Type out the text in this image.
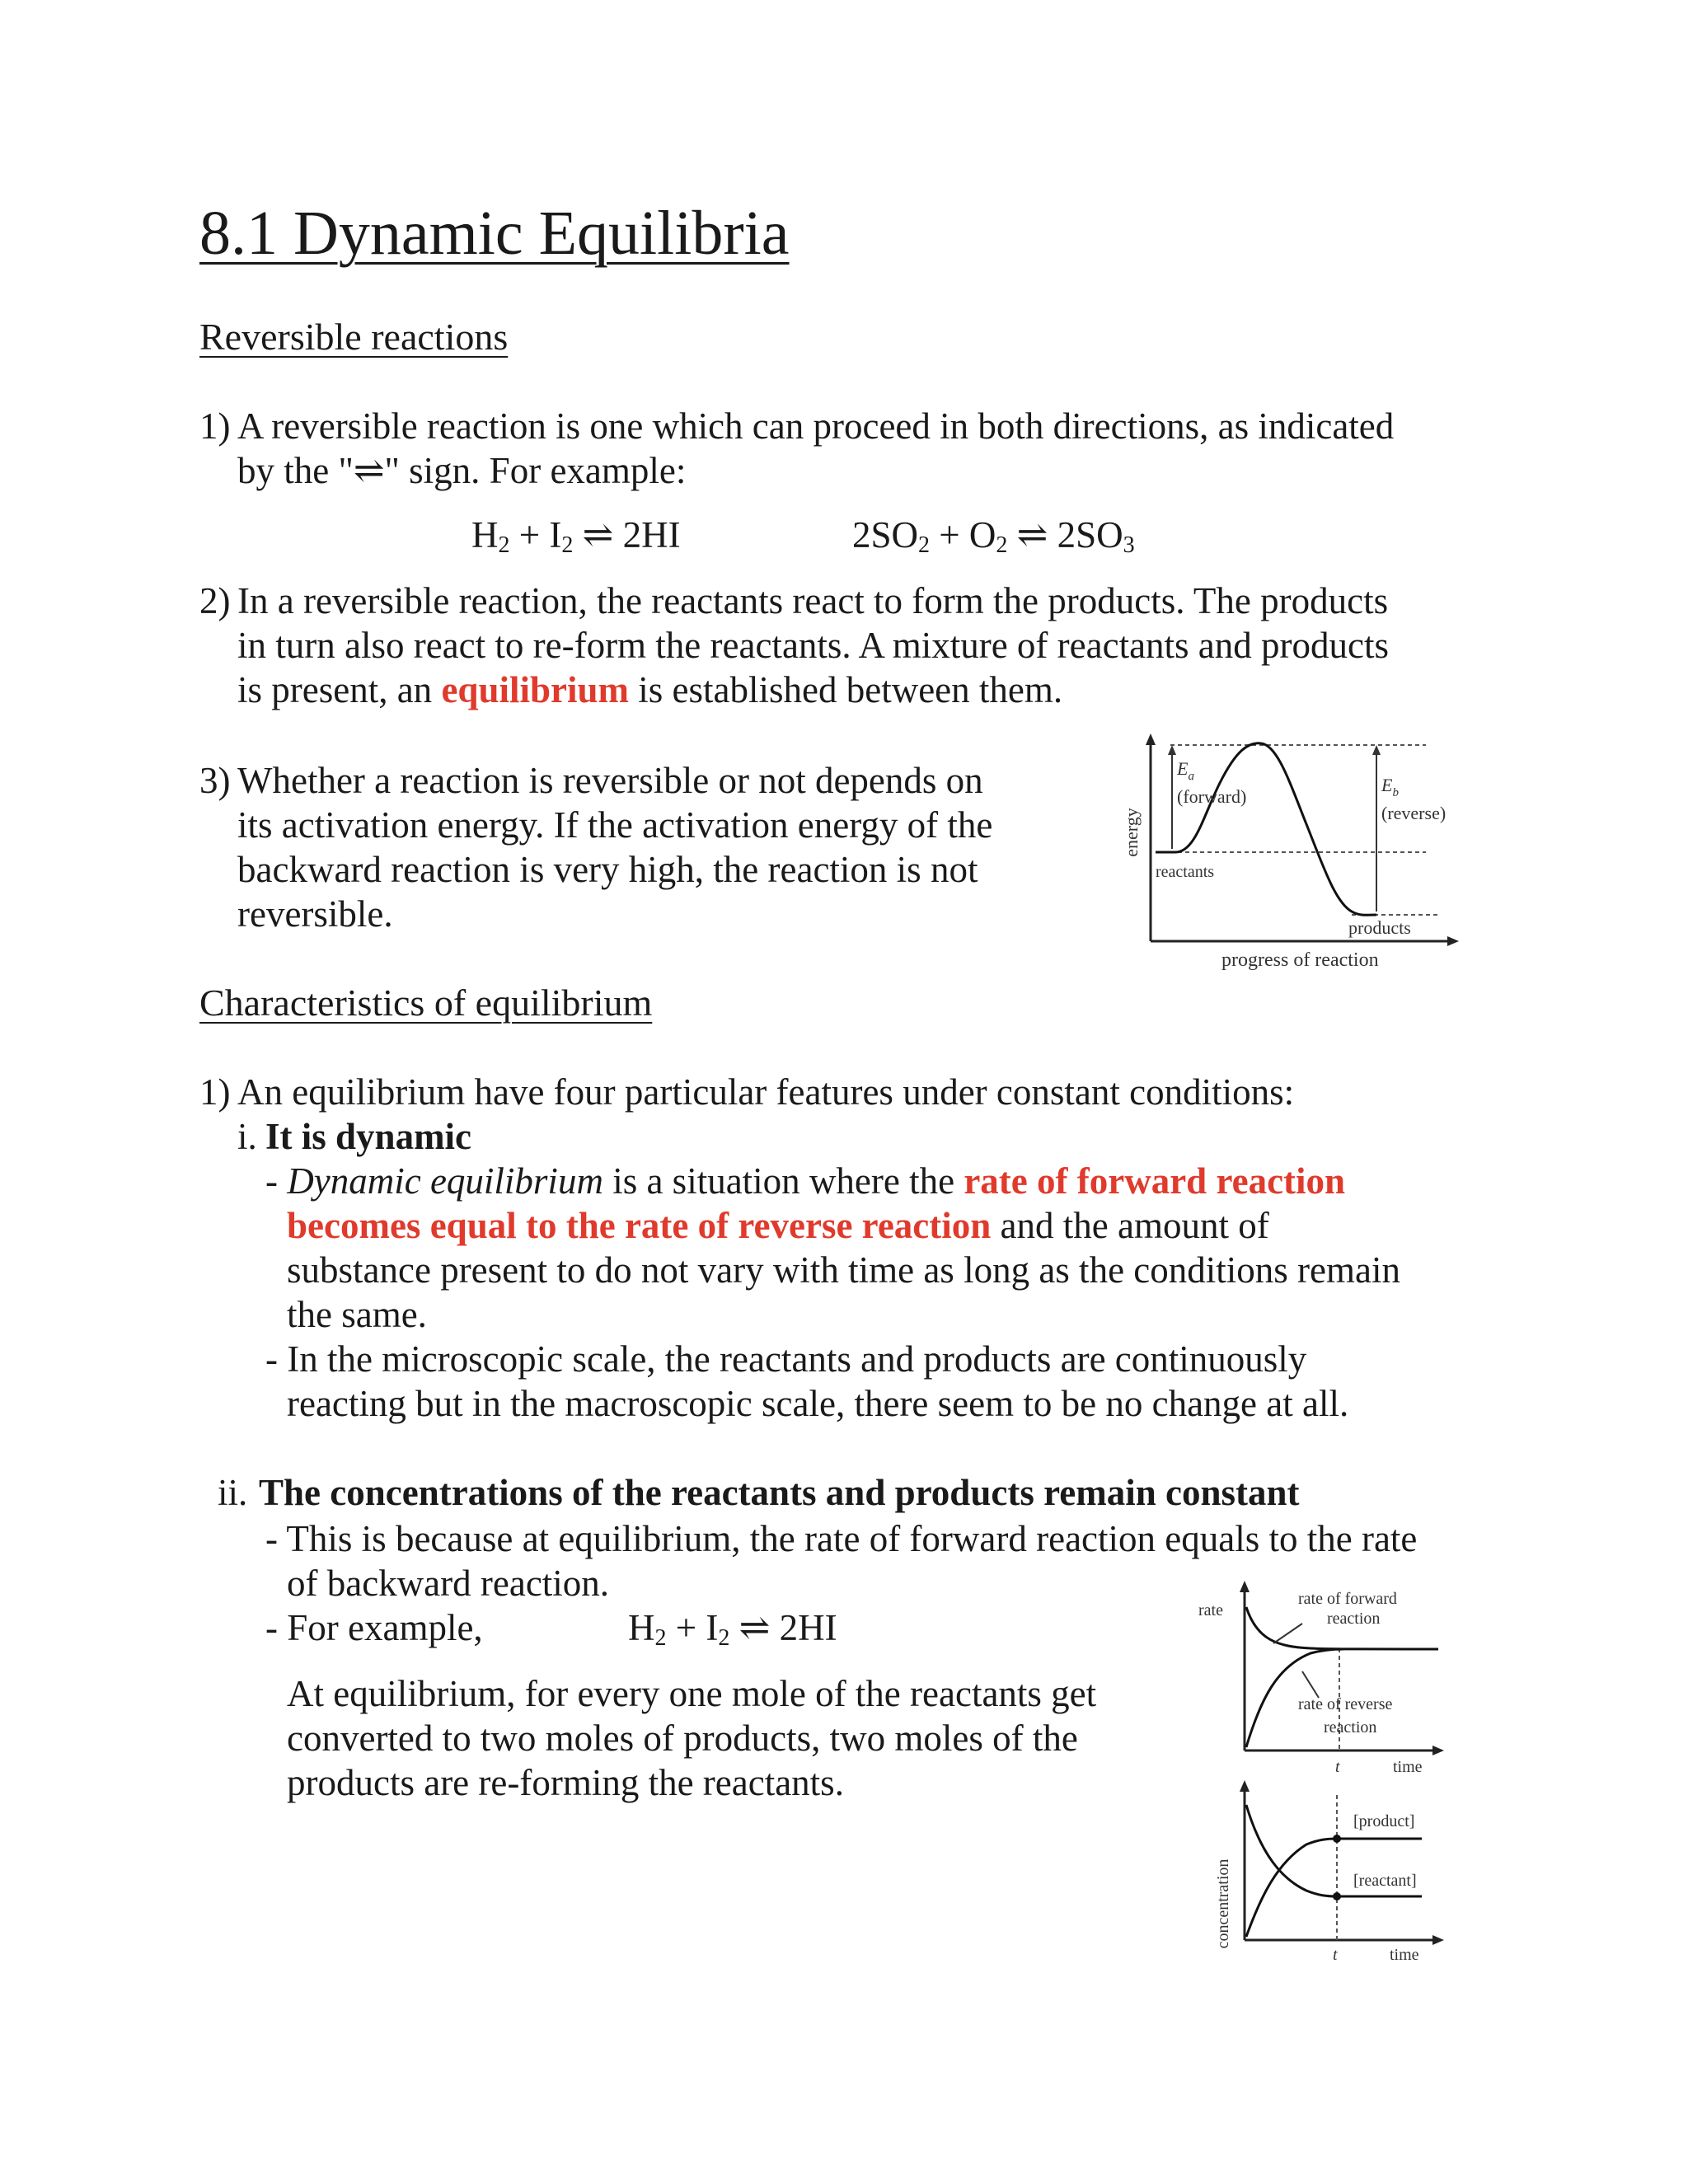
8.1 Dynamic Equilibria
Reversible reactions
1) A reversible reaction is one which can proceed in both directions, as indicated
by the "⇌" sign. For example:
$H_2 + I_2$ ⇌ 2HI	$2SO_2 + O_2$ ⇌ $2SO_3$
2) In a reversible reaction, the reactants react to form the products. The products
in turn also react to re-form the reactants. A mixture of reactants and products
is present, an equilibrium is established between them.
3) Whether a reaction is reversible or not depends on
its activation energy. If the activation energy of the
backward reaction is very high, the reaction is not
reversible.
energy
$E_a$
(forward)
$E_b$
(reverse)
reactants
products
progress of reaction
Characteristics of equilibrium
1) An equilibrium have four particular features under constant conditions:
i. It is dynamic
- Dynamic equilibrium is a situation where the rate of forward reaction
becomes equal to the rate of reverse reaction and the amount of
substance present to do not vary with time as long as the conditions remain
the same.
- In the microscopic scale, the reactants and products are continuously
reacting but in the macroscopic scale, there seem to be no change at all.
ii. The concentrations of the reactants and products remain constant
- This is because at equilibrium, the rate of forward reaction equals to the rate
of backward reaction.
- For example,	$H_2 + I_2$ ⇌ 2HI
At equilibrium, for every one mole of the reactants get
converted to two moles of products, two moles of the
products are re-forming the reactants.
rate
rate of forward
reaction
rate of reverse
reaction
t	time
concentration
[product]
[reactant]
t	time
